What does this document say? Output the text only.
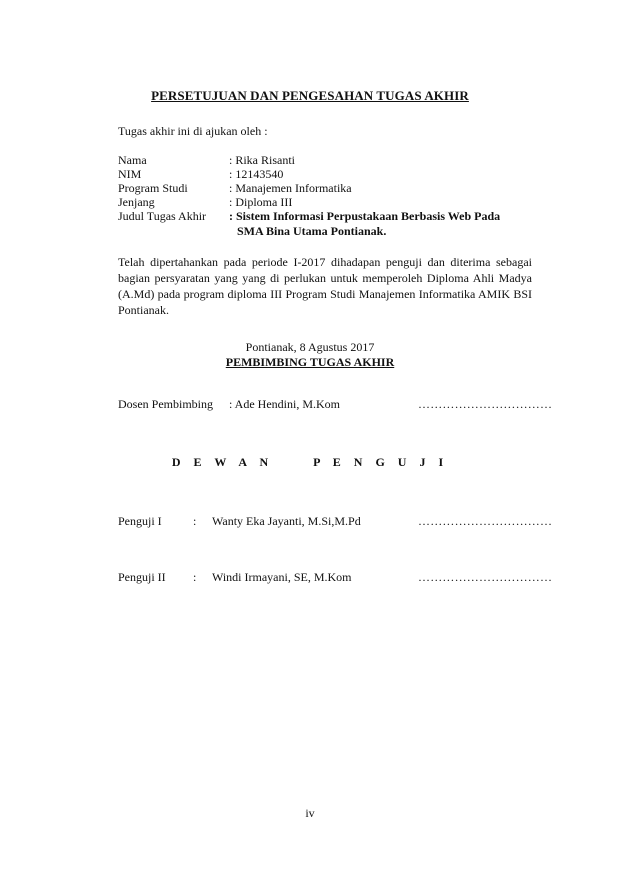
PERSETUJUAN DAN PENGESAHAN TUGAS AKHIR
Tugas akhir ini di ajukan oleh :
Nama	: Rika Risanti
NIM	: 12143540
Program Studi	: Manajemen Informatika
Jenjang	: Diploma III
Judul Tugas Akhir : Sistem Informasi Perpustakaan Berbasis Web Pada
SMA Bina Utama Pontianak.
Telah dipertahankan pada periode I-2017 dihadapan penguji dan diterima sebagai bagian persyaratan yang yang di perlukan untuk memperoleh Diploma Ahli Madya (A.Md) pada program diploma III Program Studi Manajemen Informatika AMIK BSI Pontianak.
Pontianak, 8 Agustus 2017
PEMBIMBING TUGAS AKHIR
Dosen Pembimbing : Ade Hendini, M.Kom	……………………………
D E W A N     P E N G U J I
Penguji I	: Wanty Eka Jayanti, M.Si,M.Pd	……………………………
Penguji II : Windi Irmayani, SE, M.Kom	……………………………
iv
